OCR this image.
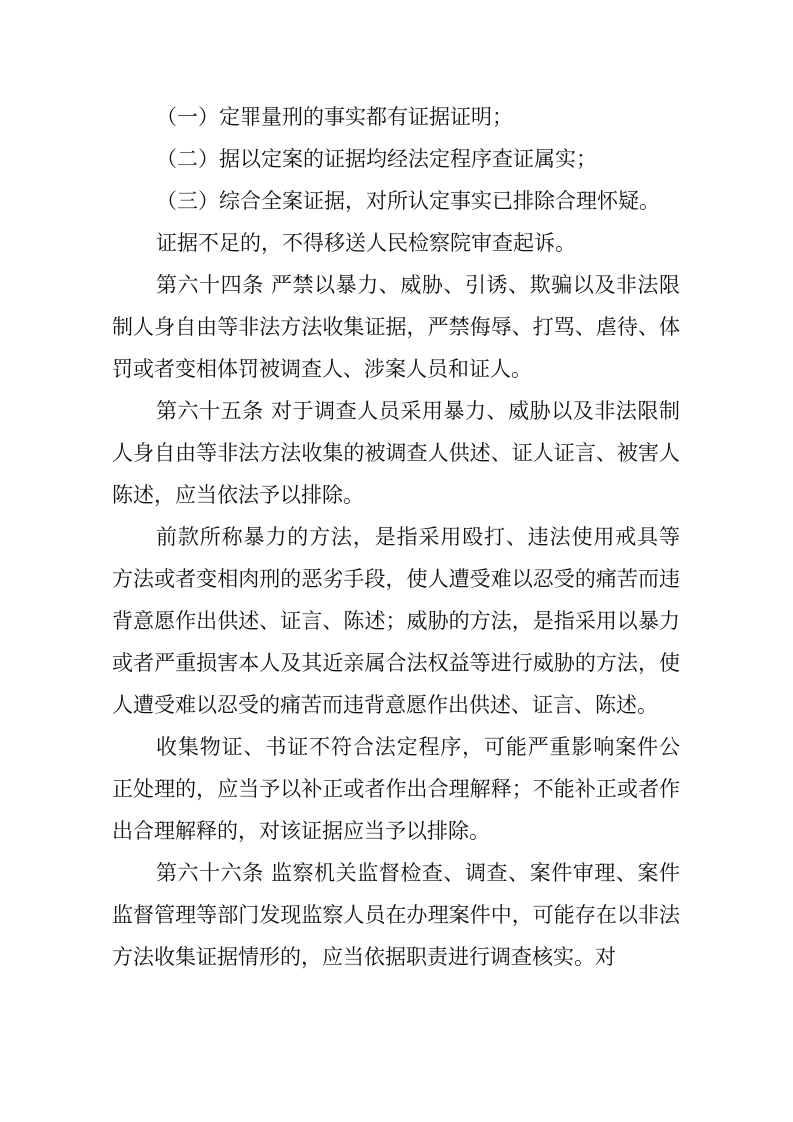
（一）定罪量刑的事实都有证据证明；

（二）据以定案的证据均经法定程序查证属实；

（三）综合全案证据，对所认定事实已排除合理怀疑。

证据不足的，不得移送人民检察院审查起诉。

第六十四条 严禁以暴力、威胁、引诱、欺骗以及非法限制人身自由等非法方法收集证据，严禁侮辱、打骂、虐待、体罚或者变相体罚被调查人、涉案人员和证人。

第六十五条 对于调查人员采用暴力、威胁以及非法限制人身自由等非法方法收集的被调查人供述、证人证言、被害人陈述，应当依法予以排除。

前款所称暴力的方法，是指采用殴打、违法使用戒具等方法或者变相肉刑的恶劣手段，使人遭受难以忍受的痛苦而违背意愿作出供述、证言、陈述；威胁的方法，是指采用以暴力或者严重损害本人及其近亲属合法权益等进行威胁的方法，使人遭受难以忍受的痛苦而违背意愿作出供述、证言、陈述。

收集物证、书证不符合法定程序，可能严重影响案件公正处理的，应当予以补正或者作出合理解释；不能补正或者作出合理解释的，对该证据应当予以排除。

第六十六条 监察机关监督检查、调查、案件审理、案件监督管理等部门发现监察人员在办理案件中，可能存在以非法方法收集证据情形的，应当依据职责进行调查核实。对
